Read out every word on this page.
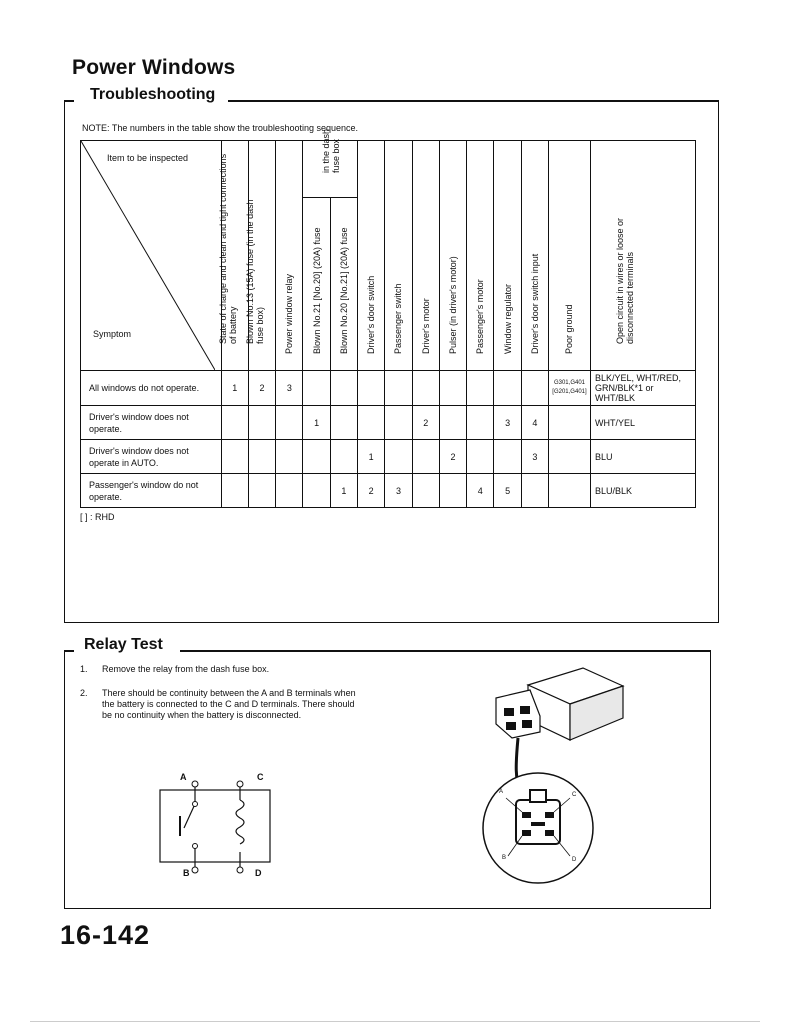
Power Windows
Troubleshooting
NOTE: The numbers in the table show the troubleshooting sequence.
Item to be inspected
Symptom	State of charge and clean and tight connections of battery	Blown No.13 (15A) fuse (in the dash fuse box)	Power window relay	in the dash fuse box		Driver's door switch	Passenger switch	Driver's motor	Pulser (in driver's motor)	Passenger's motor	Window regulator	Driver's door switch input	Poor ground	Open circuit in wires or loose or disconnected terminals

				Blown No.21 [No.20] (20A) fuse	Blown No.20 [No.21] (20A) fuse									

All windows do not operate.	1	2	3										G301,G401 [G201,G401]	BLK/YEL, WHT/RED, GRN/BLK*1 or WHT/BLK
Driver's window does not operate.				1				2			3	4		WHT/YEL
Driver's window does not operate in AUTO.						1			2			3		BLU
Passenger's window do not operate.					1	2	3			4	5			BLU/BLK
[ ] : RHD
Relay Test
1. Remove the relay from the dash fuse box.
2. There should be continuity between the A and B terminals when the battery is connected to the C and D terminals. There should be no continuity when the battery is disconnected.
A	C
B	D
A	C
B	D
16-142
